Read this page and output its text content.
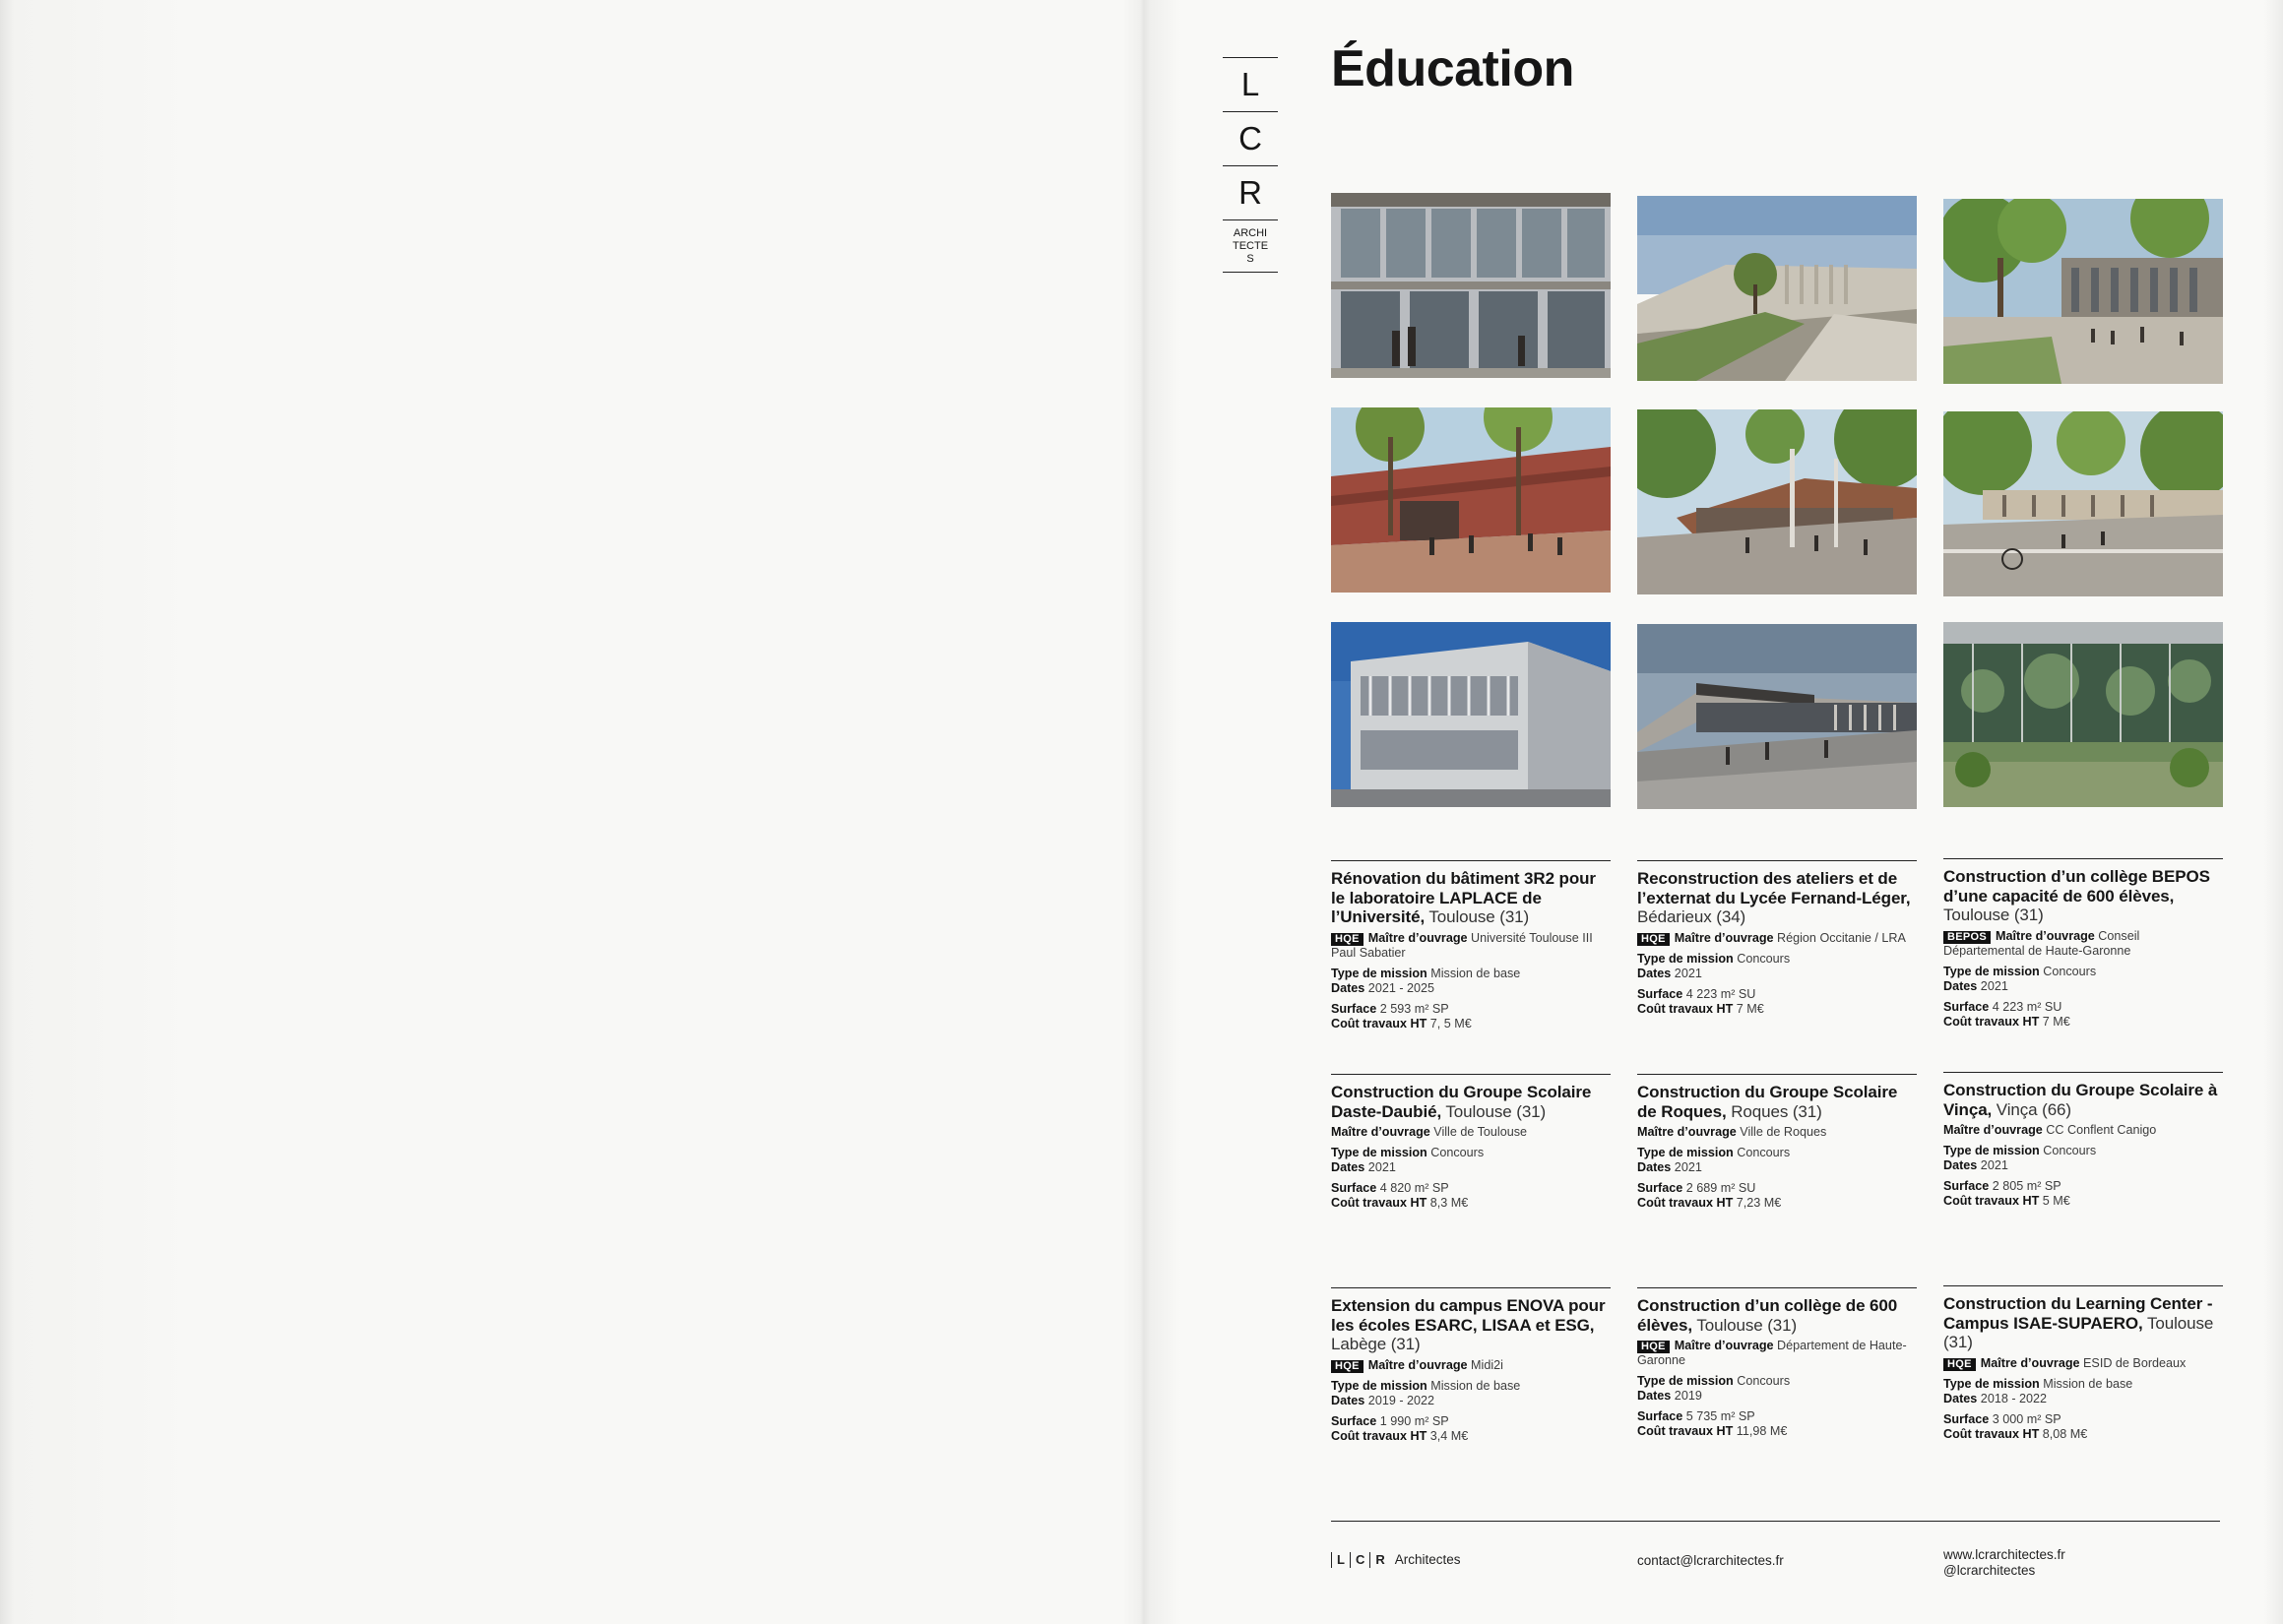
L
C
R
ARCHI
TECTE
S
Éducation
Rénovation du bâtiment 3R2 pour le laboratoire LAPLACE de l’Université, Toulouse (31)

HQE Maître d’ouvrage Université Toulouse III Paul Sabatier

Type de mission Mission de base

Dates 2021 - 2025

Surface 2 593 m² SP

Coût travaux HT 7, 5 M€

Reconstruction des ateliers et de l’externat du Lycée Fernand-Léger, Bédarieux (34)

HQE Maître d’ouvrage Région Occitanie / LRA

Type de mission Concours

Dates 2021

Surface 4 223 m² SU

Coût travaux HT 7 M€

Construction d’un collège BEPOS d’une capacité de 600 élèves, Toulouse (31)

BEPOS Maître d’ouvrage Conseil Départemental de Haute-Garonne

Type de mission Concours

Dates 2021

Surface 4 223 m² SU

Coût travaux HT 7 M€

Construction du Groupe Scolaire Daste-Daubié, Toulouse (31)

Maître d’ouvrage Ville de Toulouse

Type de mission Concours

Dates 2021

Surface 4 820 m² SP

Coût travaux HT 8,3 M€

Construction du Groupe Scolaire de Roques, Roques (31)

Maître d’ouvrage Ville de Roques

Type de mission Concours

Dates 2021

Surface 2 689 m² SU

Coût travaux HT 7,23 M€

Construction du Groupe Scolaire à Vinça, Vinça (66)

Maître d’ouvrage CC Conflent Canigo

Type de mission Concours

Dates 2021

Surface 2 805 m² SP

Coût travaux HT 5 M€

Extension du campus ENOVA pour les écoles ESARC, LISAA et ESG, Labège (31)

HQE Maître d’ouvrage Midi2i

Type de mission Mission de base

Dates 2019 - 2022

Surface 1 990 m² SP

Coût travaux HT 3,4 M€

Construction d’un collège de 600 élèves, Toulouse (31)

HQE Maître d’ouvrage Département de Haute-Garonne

Type de mission Concours

Dates 2019

Surface 5 735 m² SP

Coût travaux HT 11,98 M€

Construction du Learning Center - Campus ISAE-SUPAERO, Toulouse (31)

HQE Maître d’ouvrage ESID de Bordeaux

Type de mission Mission de base

Dates 2018 - 2022

Surface 3 000 m² SP

Coût travaux HT 8,08 M€

L C R Architectes	contact@lcrarchitectes.fr	www.lcrarchitectes.fr
@lcrarchitectes
